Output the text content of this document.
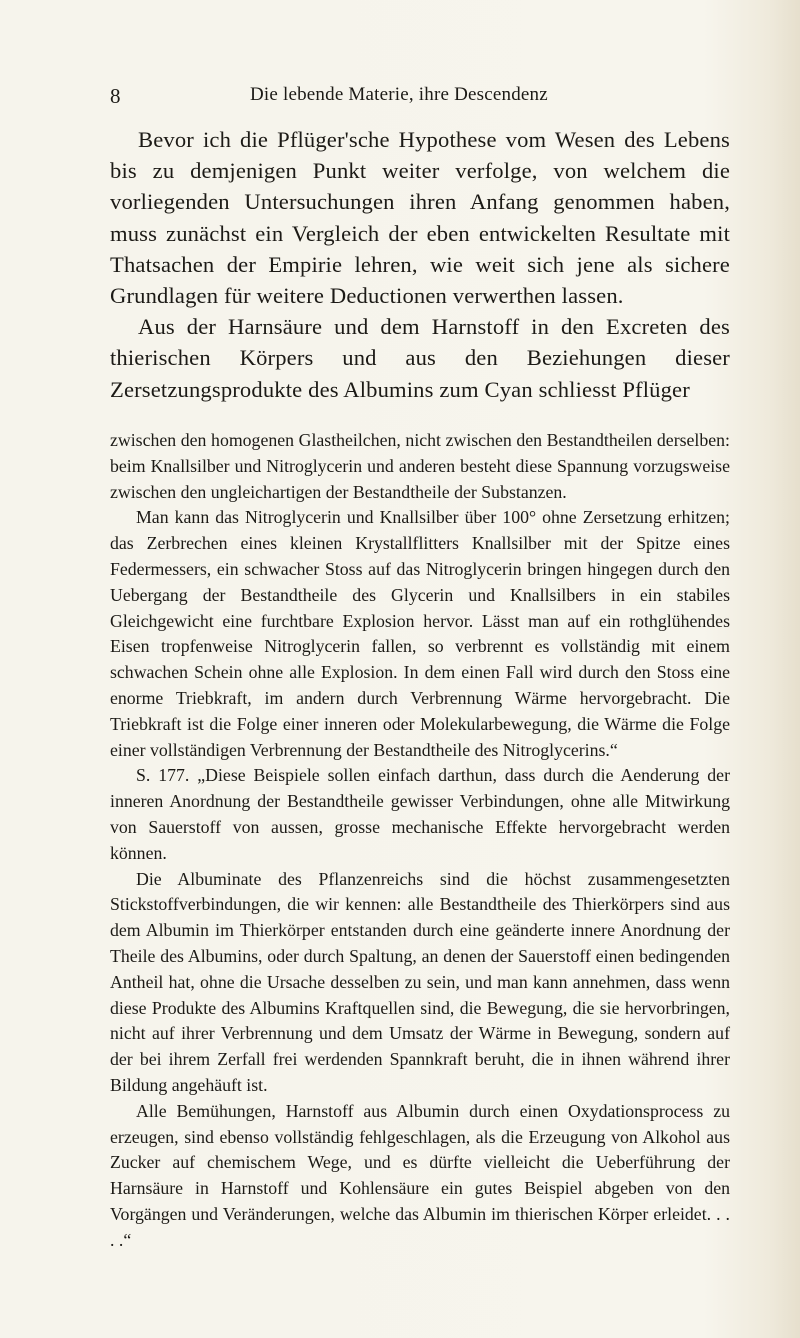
8	Die lebende Materie, ihre Descendenz

Bevor ich die Pflüger'sche Hypothese vom Wesen des Lebens bis zu demjenigen Punkt weiter verfolge, von welchem die vorliegenden Untersuchungen ihren Anfang genommen haben, muss zunächst ein Vergleich der eben entwickelten Resultate mit Thatsachen der Empirie lehren, wie weit sich jene als sichere Grundlagen für weitere Deductionen verwerthen lassen.

Aus der Harnsäure und dem Harnstoff in den Excreten des thierischen Körpers und aus den Beziehungen dieser Zersetzungsprodukte des Albumins zum Cyan schliesst Pflüger

zwischen den homogenen Glastheilchen, nicht zwischen den Bestandtheilen derselben: beim Knallsilber und Nitroglycerin und anderen besteht diese Spannung vorzugsweise zwischen den ungleichartigen der Bestandtheile der Substanzen.

Man kann das Nitroglycerin und Knallsilber über 100° ohne Zersetzung erhitzen; das Zerbrechen eines kleinen Krystallflitters Knallsilber mit der Spitze eines Federmessers, ein schwacher Stoss auf das Nitroglycerin bringen hingegen durch den Uebergang der Bestandtheile des Glycerin und Knallsilbers in ein stabiles Gleichgewicht eine furchtbare Explosion hervor. Lässt man auf ein rothglühendes Eisen tropfenweise Nitroglycerin fallen, so verbrennt es vollständig mit einem schwachen Schein ohne alle Explosion. In dem einen Fall wird durch den Stoss eine enorme Triebkraft, im andern durch Verbrennung Wärme hervorgebracht. Die Triebkraft ist die Folge einer inneren oder Molekularbewegung, die Wärme die Folge einer vollständigen Verbrennung der Bestandtheile des Nitroglycerins.“

S. 177. „Diese Beispiele sollen einfach darthun, dass durch die Aenderung der inneren Anordnung der Bestandtheile gewisser Verbindungen, ohne alle Mitwirkung von Sauerstoff von aussen, grosse mechanische Effekte hervorgebracht werden können.

Die Albuminate des Pflanzenreichs sind die höchst zusammengesetzten Stickstoffverbindungen, die wir kennen: alle Bestandtheile des Thierkörpers sind aus dem Albumin im Thierkörper entstanden durch eine geänderte innere Anordnung der Theile des Albumins, oder durch Spaltung, an denen der Sauerstoff einen bedingenden Antheil hat, ohne die Ursache desselben zu sein, und man kann annehmen, dass wenn diese Produkte des Albumins Kraftquellen sind, die Bewegung, die sie hervorbringen, nicht auf ihrer Verbrennung und dem Umsatz der Wärme in Bewegung, sondern auf der bei ihrem Zerfall frei werdenden Spannkraft beruht, die in ihnen während ihrer Bildung angehäuft ist.

Alle Bemühungen, Harnstoff aus Albumin durch einen Oxydationsprocess zu erzeugen, sind ebenso vollständig fehlgeschlagen, als die Erzeugung von Alkohol aus Zucker auf chemischem Wege, und es dürfte vielleicht die Ueberführung der Harnsäure in Harnstoff und Kohlensäure ein gutes Beispiel abgeben von den Vorgängen und Veränderungen, welche das Albumin im thierischen Körper erleidet. . . . .“
